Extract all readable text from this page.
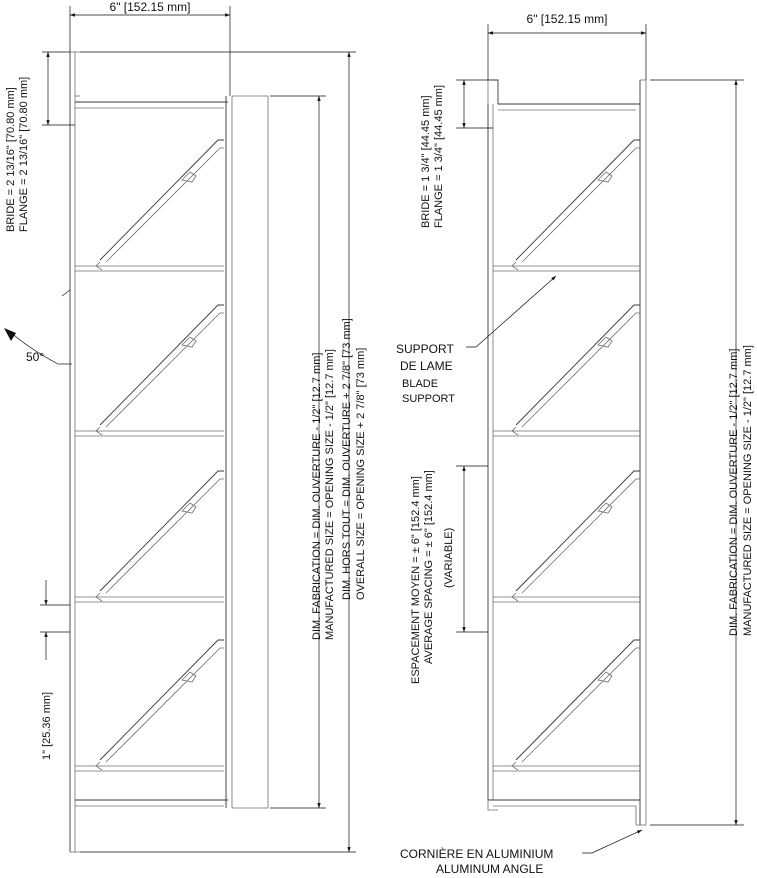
6" [152.15 mm]
BRIDE = 2 13/16" [70.80 mm] FLANGE = 2 13/16" [70.80 mm]
50°
1" [25.36 mm]
DIM. FABRICATION = DIM. OUVERTURE - 1/2" [12.7 mm] MANUFACTURED SIZE = OPENING SIZE - 1/2" [12.7 mm] DIM. HORS TOUT = DIM. OUVERTURE + 2 7/8" [73 mm] OVERALL SIZE = OPENING SIZE + 2 7/8" [73 mm]
6" [152.15 mm]
BRIDE = 1 3/4" [44.45 mm] FLANGE = 1 3/4" [44.45 mm]
SUPPORT
DE LAME
BLADE
SUPPORT
ESPACEMENT MOYEN = ± 6" [152.4 mm] AVERAGE SPACING = ± 6" [152.4 mm] (VARIABLE)	DIM. FABRICATION = DIM. OUVERTURE - 1/2" [12.7 mm] MANUFACTURED SIZE = OPENING SIZE - 1/2" [12.7 mm]
CORNIÈRE EN ALUMINIUM
ALUMINUM ANGLE
